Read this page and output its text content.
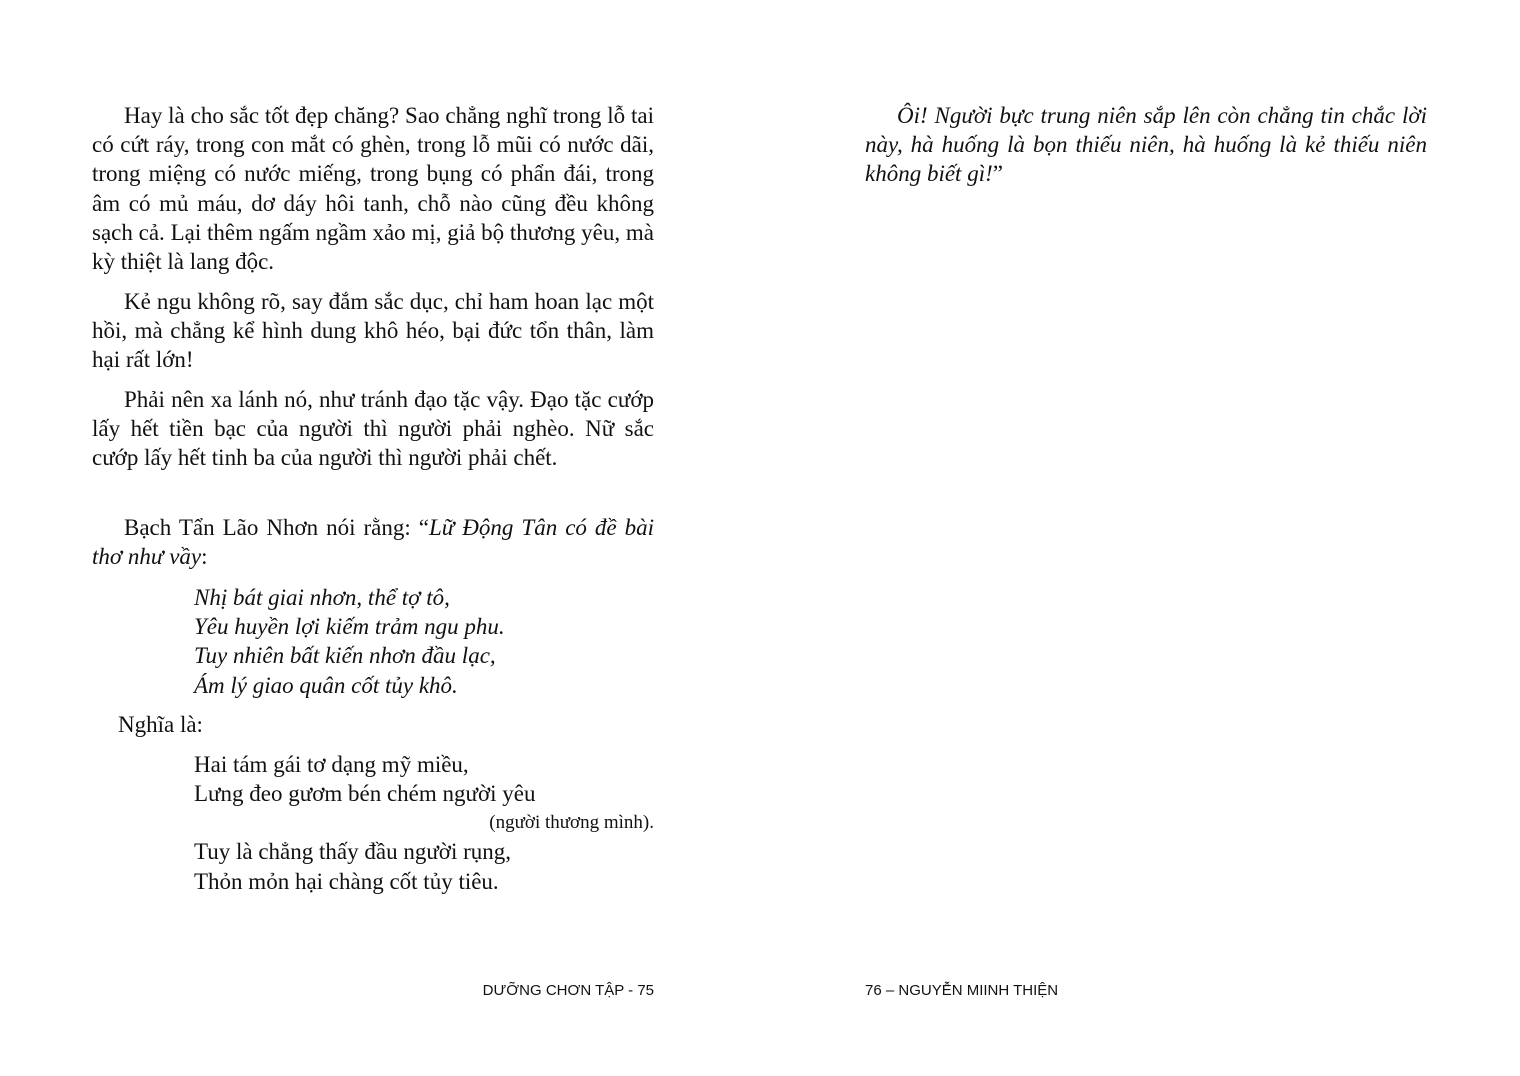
Hay là cho sắc tốt đẹp chăng? Sao chẳng nghĩ trong lỗ tai có cứt ráy, trong con mắt có ghèn, trong lỗ mũi có nước dãi, trong miệng có nước miếng, trong bụng có phẩn đái, trong âm có mủ máu, dơ dáy hôi tanh, chỗ nào cũng đều không sạch cả. Lại thêm ngấm ngầm xảo mị, giả bộ thương yêu, mà kỳ thiệt là lang độc.

Kẻ ngu không rõ, say đắm sắc dục, chỉ ham hoan lạc một hồi, mà chẳng kể hình dung khô héo, bại đức tổn thân, làm hại rất lớn!

Phải nên xa lánh nó, như tránh đạo tặc vậy. Đạo tặc cướp lấy hết tiền bạc của người thì người phải nghèo. Nữ sắc cướp lấy hết tinh ba của người thì người phải chết.

Bạch Tẩn Lão Nhơn nói rằng: “Lữ Động Tân có đề bài thơ như vầy:

Nhị bát giai nhơn, thể tợ tô,
Yêu huyền lợi kiếm trảm ngu phu.
Tuy nhiên bất kiến nhơn đầu lạc,
Ám lý giao quân cốt tủy khô.
Nghĩa là:
Hai tám gái tơ dạng mỹ miều,
Lưng đeo gươm bén chém người yêu
(người thương mình).
Tuy là chẳng thấy đầu người rụng,
Thỏn mỏn hại chàng cốt tủy tiêu.
DƯỠNG CHƠN TẬP - 75

Ôi! Người bực trung niên sắp lên còn chẳng tin chắc lời này, hà huống là bọn thiếu niên, hà huống là kẻ thiếu niên không biết gì!”

76 – NGUYỄN MIINH THIỆN
